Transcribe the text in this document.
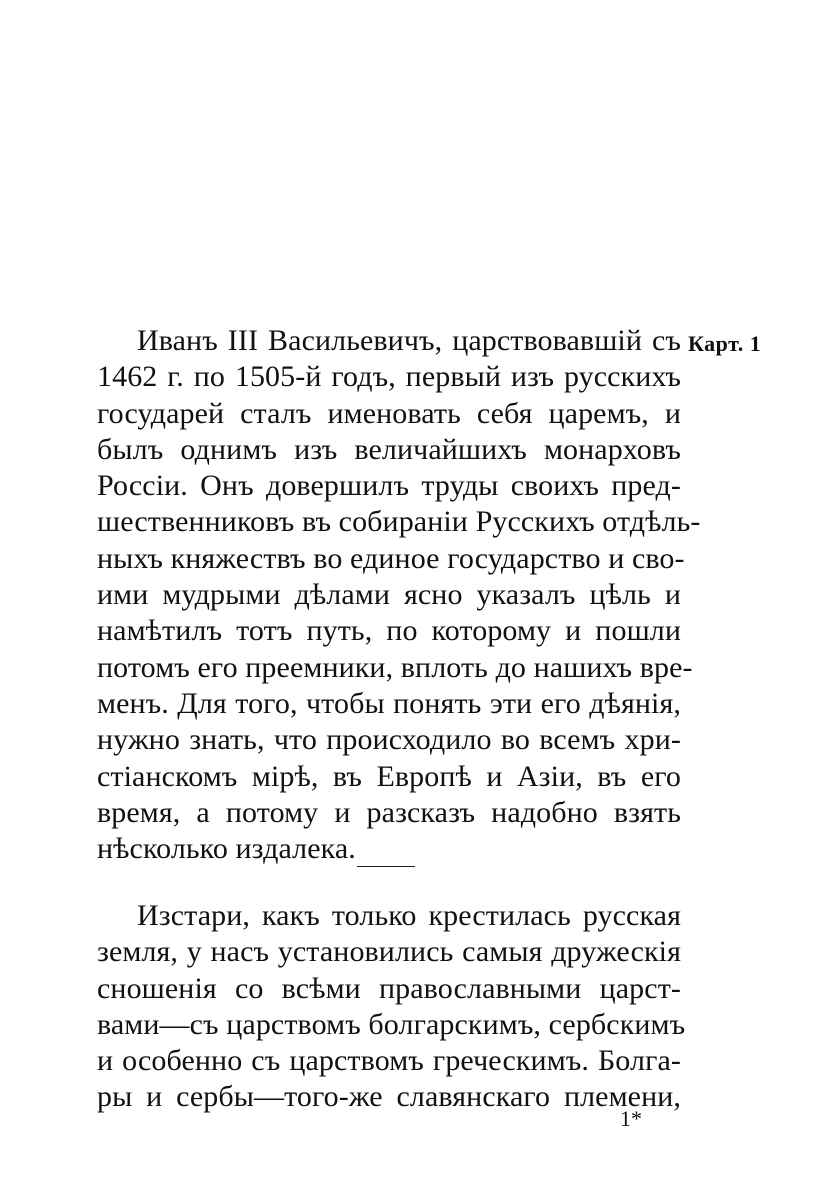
Карт. 1
Иванъ III Васильевичъ, царствовавшій съ
1462 г. по 1505-й годъ, первый изъ русскихъ
государей сталъ именовать себя царемъ, и
былъ однимъ изъ величайшихъ монарховъ
Россіи. Онъ довершилъ труды своихъ пред-
шественниковъ въ собираніи Русскихъ отдѣль-
ныхъ княжествъ во единое государство и сво-
ими мудрыми дѣлами ясно указалъ цѣль и
намѣтилъ тотъ путь, по которому и пошли
потомъ его преемники, вплоть до нашихъ вре-
менъ. Для того, чтобы понять эти его дѣянія,
нужно знать, что происходило во всемъ хри-
стіанскомъ мірѣ, въ Европѣ и Азіи, въ его
время, а потому и разсказъ надобно взять
нѣсколько издалека.
Изстари, какъ только крестилась русская
земля, у насъ установились самыя дружескія
сношенія со всѣми православными царст-
вами—съ царствомъ болгарскимъ, сербскимъ
и особенно съ царствомъ греческимъ. Болга-
ры и сербы—того-же славянскаго племени,
1*
